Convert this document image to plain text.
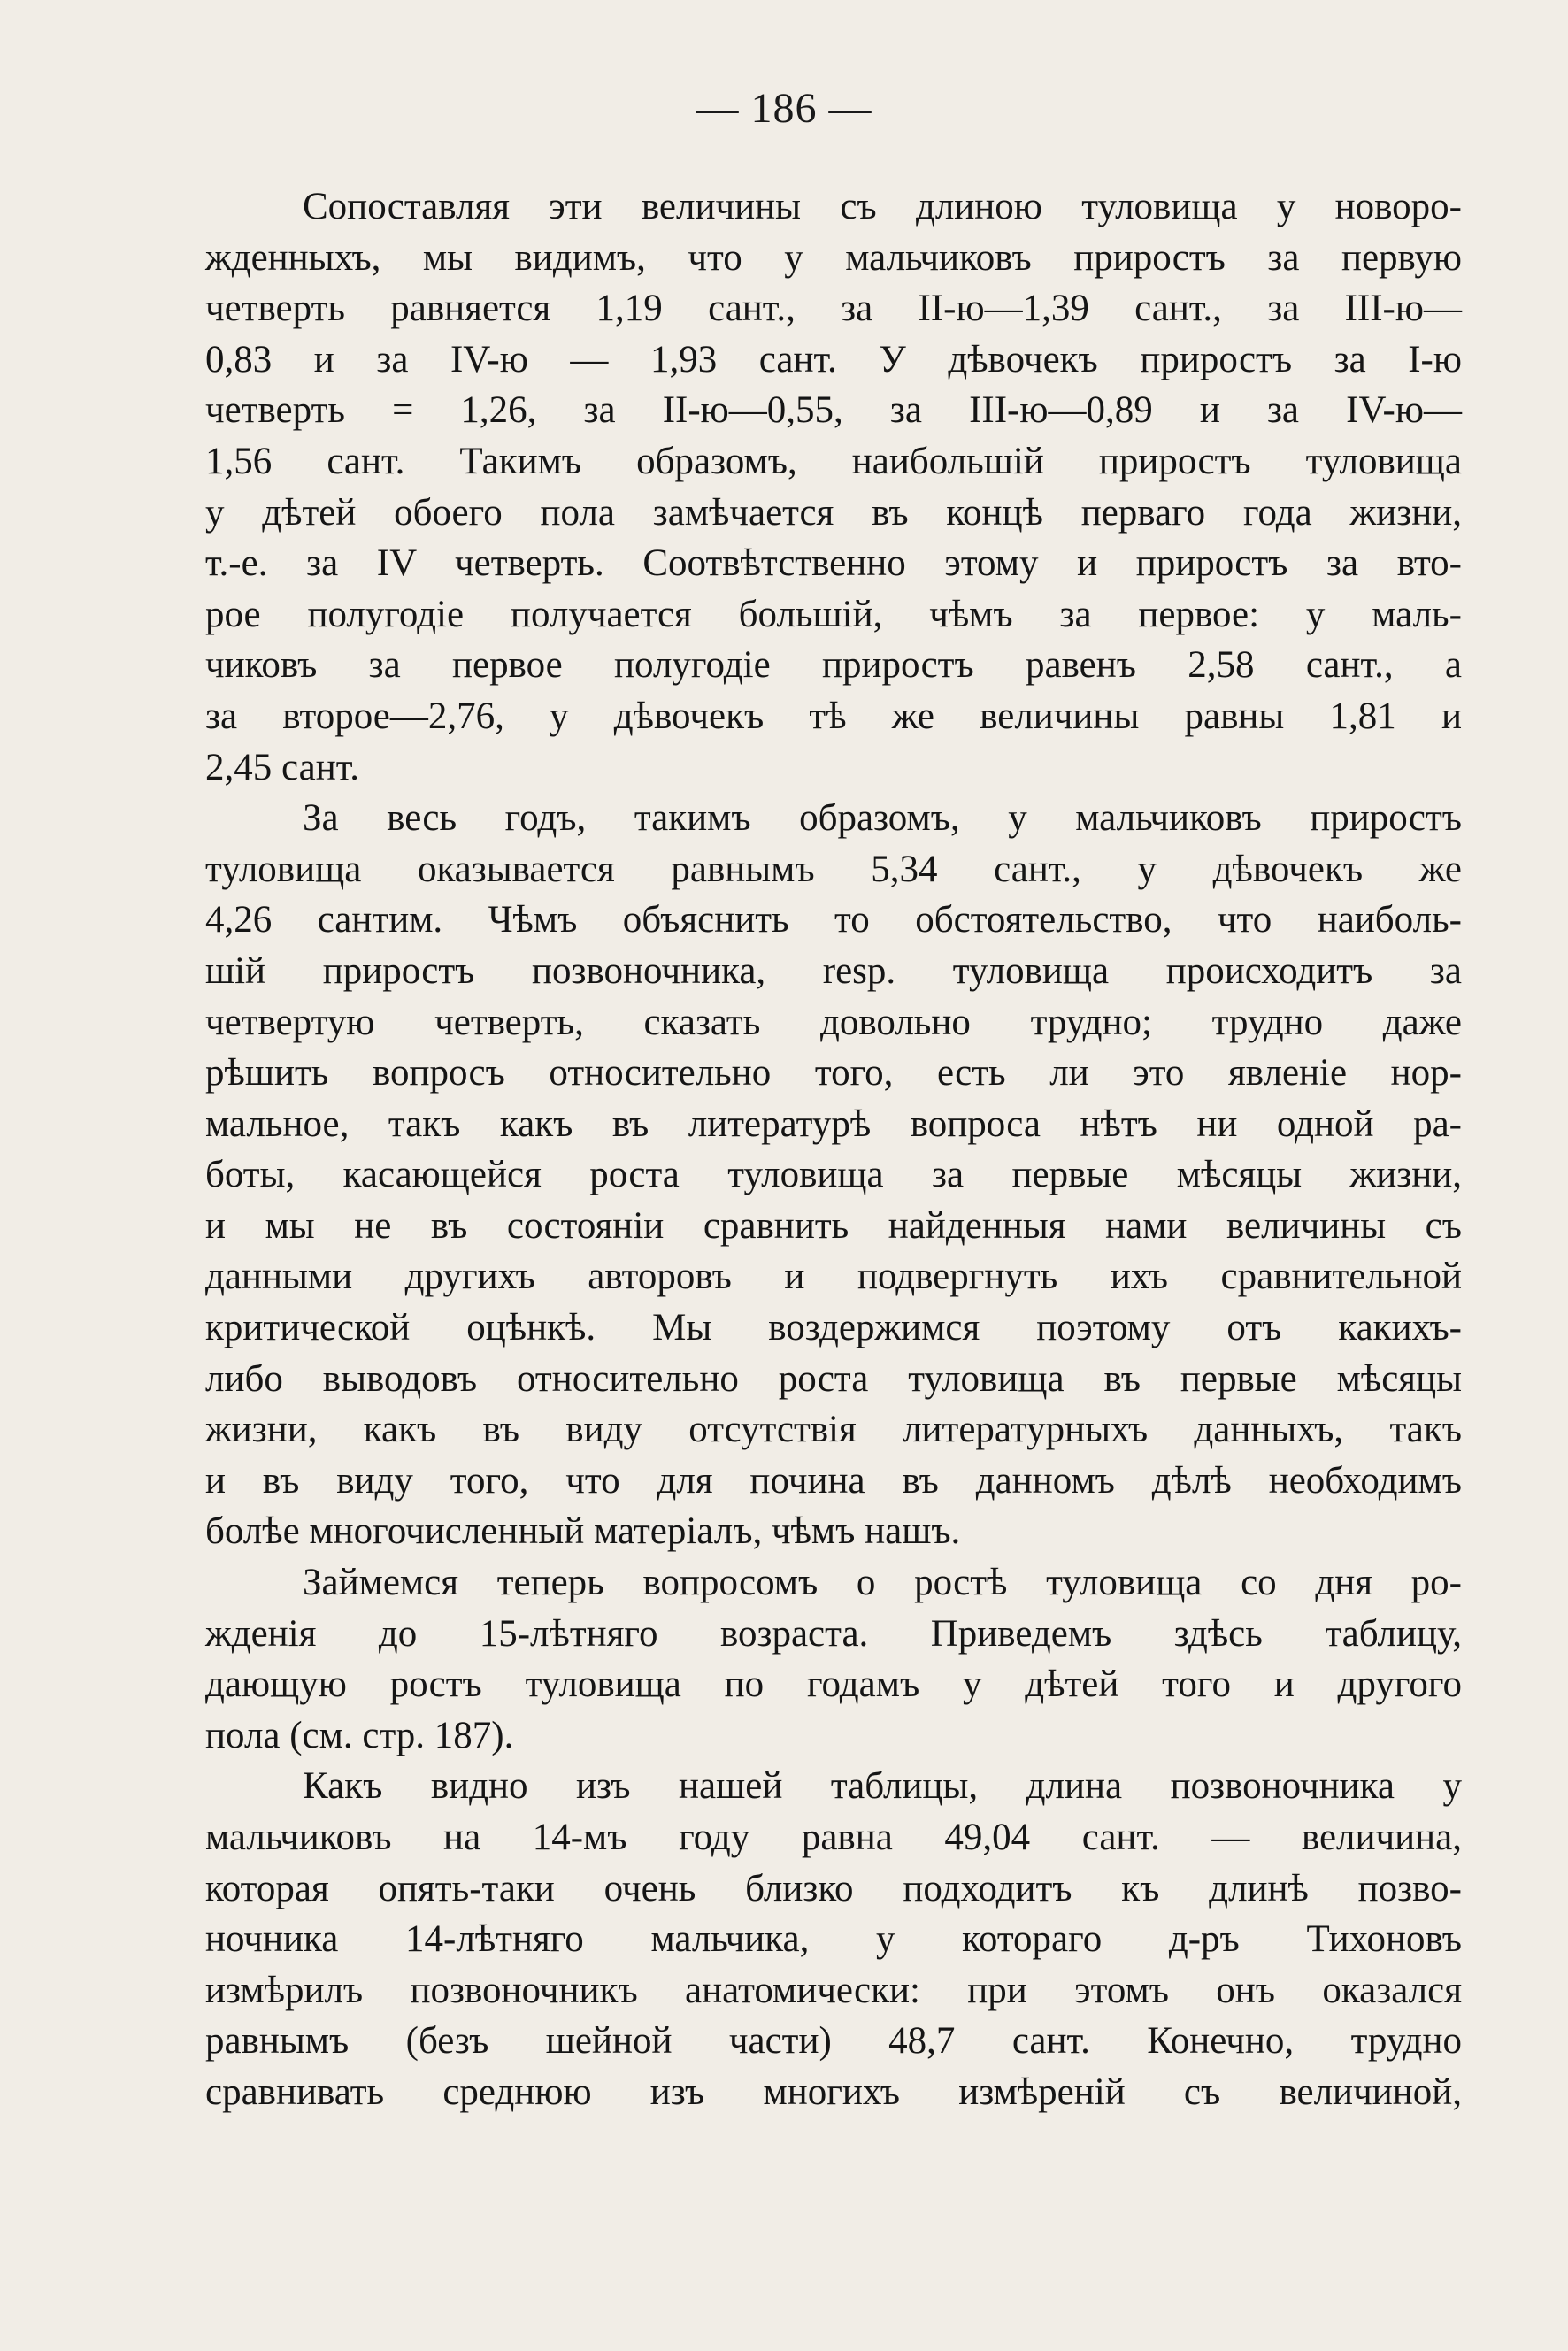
— 186 —
Сопоставляя эти величины съ длиною туловища у новоро-
жденныхъ, мы видимъ, что у мальчиковъ приростъ за первую
четверть равняется 1,19 сант., за II-ю—1,39 сант., за III-ю—
0,83 и за IV-ю — 1,93 сант. У дѣвочекъ приростъ за I-ю
четверть = 1,26, за II-ю—0,55, за III-ю—0,89 и за IV-ю—
1,56 сант. Такимъ образомъ, наибольшій приростъ туловища
у дѣтей обоего пола замѣчается въ концѣ перваго года жизни,
т.-е. за IV четверть. Соотвѣтственно этому и приростъ за вто-
рое полугодіе получается большій, чѣмъ за первое: у маль-
чиковъ за первое полугодіе приростъ равенъ 2,58 сант., а
за второе—2,76, у дѣвочекъ тѣ же величины равны 1,81 и
2,45 сант.
За весь годъ, такимъ образомъ, у мальчиковъ приростъ
туловища оказывается равнымъ 5,34 сант., у дѣвочекъ же
4,26 сантим. Чѣмъ объяснить то обстоятельство, что наиболь-
шій приростъ позвоночника, resp. туловища происходитъ за
четвертую четверть, сказать довольно трудно; трудно даже
рѣшить вопросъ относительно того, есть ли это явленіе нор-
мальное, такъ какъ въ литературѣ вопроса нѣтъ ни одной ра-
боты, касающейся роста туловища за первые мѣсяцы жизни,
и мы не въ состояніи сравнить найденныя нами величины съ
данными другихъ авторовъ и подвергнуть ихъ сравнительной
критической оцѣнкѣ. Мы воздержимся поэтому отъ какихъ-
либо выводовъ относительно роста туловища въ первые мѣсяцы
жизни, какъ въ виду отсутствія литературныхъ данныхъ, такъ
и въ виду того, что для почина въ данномъ дѣлѣ необходимъ
болѣе многочисленный матеріалъ, чѣмъ нашъ.
Займемся теперь вопросомъ о ростѣ туловища со дня ро-
жденія до 15-лѣтняго возраста. Приведемъ здѣсь таблицу,
дающую ростъ туловища по годамъ у дѣтей того и другого
пола (см. стр. 187).
Какъ видно изъ нашей таблицы, длина позвоночника у
мальчиковъ на 14-мъ году равна 49,04 сант. — величина,
которая опять-таки очень близко подходитъ къ длинѣ позво-
ночника 14-лѣтняго мальчика, у котораго д-ръ Тихоновъ
измѣрилъ позвоночникъ анатомически: при этомъ онъ оказался
равнымъ (безъ шейной части) 48,7 сант. Конечно, трудно
сравнивать среднюю изъ многихъ измѣреній съ величиной,
